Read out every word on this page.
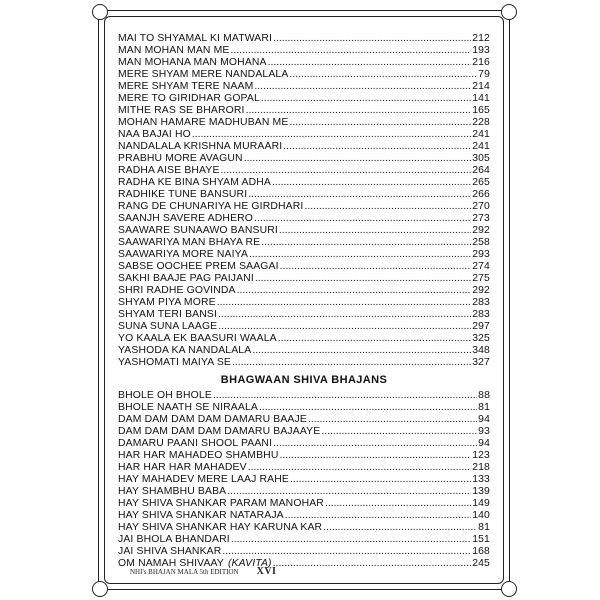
MAI TO SHYAMAL KI MATWARI .....	212
MAN MOHAN MAN ME .....	193
MAN MOHANA MAN MOHANA .....	216
MERE SHYAM MERE NANDALALA .....	79
MERE SHYAM TERE NAAM .....	214
MERE TO GIRIDHAR GOPAL .....	141
MITHE RAS SE BHARORI .....	165
MOHAN HAMARE MADHUBAN ME .....	228
NAA BAJAI HO .....	241
NANDALALA KRISHNA MURAARI .....	241
PRABHU MORE AVAGUN .....	305
RADHA AISE BHAYE .....	264
RADHA KE BINA SHYAM ADHA .....	265
RADHIKE TUNE BANSURI .....	266
RANG DE CHUNARIYA HE GIRDHARI .....	270
SAANJH SAVERE ADHERO .....	273
SAAWARE SUNAAWO BANSURI .....	292
SAAWARIYA MAN BHAYA RE .....	258
SAAWARIYA MORE NAIYA .....	293
SABSE OOCHEE PREM SAAGAI .....	274
SAKHI BAAJE PAG PAIJANI .....	275
SHRI RADHE GOVINDA .....	292
SHYAM PIYA MORE .....	283
SHYAM TERI BANSI .....	283
SUNA SUNA LAAGE .....	297
YO KAALA EK BAASURI WAALA .....	325
YASHODA KA NANDALALA .....	348
YASHOMATI MAIYA SE .....	327
BHAGWAAN SHIVA BHAJANS
BHOLE OH BHOLE .....	88
BHOLE NAATH SE NIRAALA .....	81
DAM DAM DAM DAM DAMARU BAAJE .....	94
DAM DAM DAM DAM DAMARU BAJAAYE .....	93
DAMARU PAANI SHOOL PAANI .....	94
HAR HAR MAHADEO SHAMBHU .....	123
HAR HAR HAR MAHADEV .....	218
HAY MAHADEV MERE LAAJ RAHE .....	133
HAY SHAMBHU BABA .....	139
HAY SHIVA SHANKAR PARAM MANOHAR .....	149
HAY SHIVA SHANKAR NATARAJA .....	140
HAY SHIVA SHANKAR HAY KARUNA KAR .....	81
JAI BHOLA BHANDARI .....	151
JAI SHIVA SHANKAR .....	168
OM NAMAH SHIVAAY (KAVITA) .....	245
NHI's BHAJAN MALA 5th EDITION XVI
